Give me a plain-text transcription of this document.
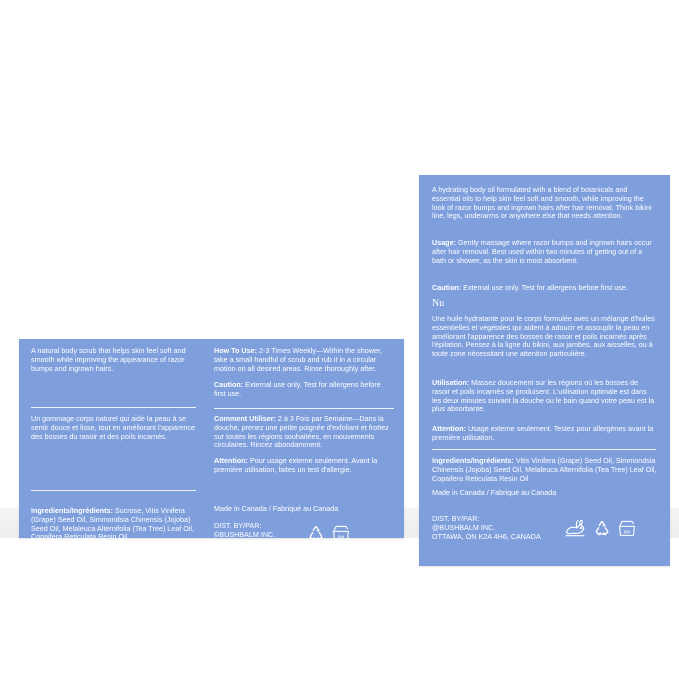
A natural body scrub that helps skin feel soft and smooth while improving the appearance of razor bumps and ingrown hairs.

Un gommage corps naturel qui aide la peau à se sentir douce et lisse, tout en améliorant l'apparence des bosses du rasoir et des poils incarnés.

Ingredients/Ingrédients: Sucrose, Vitis Vinifera (Grape) Seed Oil, Simmondsia Chinensis (Jojoba) Seed Oil, Melaleuca Alternifolia (Tea Tree) Leaf Oil, Copaifera Reticulata Resin Oil

How To Use: 2-3 Times Weekly—Within the shower, take a small handful of scrub and rub it in a circular motion on all desired areas. Rinse thoroughly after.

Caution: External use only. Test for allergens before first use.

Comment Utiliser: 2 à 3 Fois par Semaine—Dans la douche, prenez une petite poignée d'exfoliant et frottez sur toutes les régions souhaitées, en mouvements circulaires. Rincez abondamment.

Attention: Pour usage externe seulement. Avant la première utilisation, faites un test d'allergie.

Made in Canada / Fabriqué au Canada

DIST. BY/PAR:
©BUSHBALM INC.
OTTAWA, ON K2A 4H6,CANADA

6M

A hydrating body oil formulated with a blend of botanicals and essential oils to help skin feel soft and smooth, while improving the look of razor bumps and ingrown hairs after hair removal. Think bikini line, legs, underarms or anywhere else that needs attention.

Usage: Gently massage where razor bumps and ingrown hairs occur after hair removal. Best used within two minutes of getting out of a bath or shower, as the skin is most absorbent.

Caution: External use only. Test for allergens before first use.

Nu

Une huile hydratante pour le corps formulée avec un mélange d'huiles essentielles et végétales qui aident à adoucir et assouplir la peau en améliorant l'apparence des bosses de rasoir et poils incarnés après l'épilation. Pensez à la ligne du bikini, aux jambes, aux aisselles, ou à toute zone nécessitant une attention particulière.

Utilisation: Massez doucement sur les régions où les bosses de rasoir et poils incarnés se produisent. L'utilisation optimale est dans les deux minutes suivant la douche ou le bain quand votre peau est la plus absorbante.

Attention: Usage externe seulement. Testez pour allergènes avant la première utilisation.

Ingredients/Ingrédients: Vitis Vinifera (Grape) Seed Oil, Simmondsia Chinensis (Jojoba) Seed Oil, Melaleuca Alternifolia (Tea Tree) Leaf Oil, Copaifera Reticulata Resin Oil

Made in Canada / Fabriqué au Canada

DIST. BY/PAR:
@BUSHBALM INC.
OTTAWA, ON K2A 4H6, CANADA	6M
